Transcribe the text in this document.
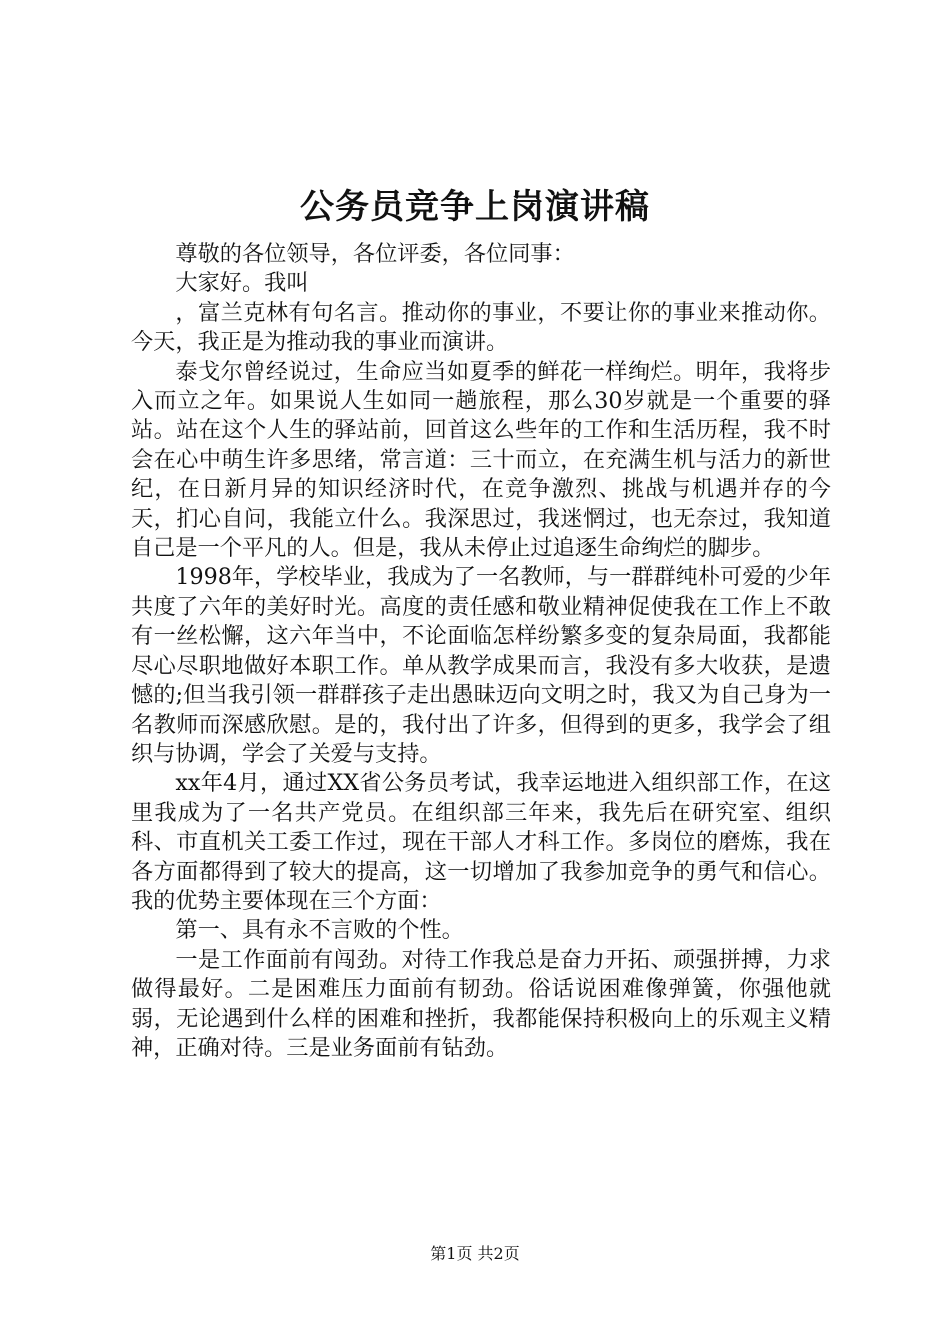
公务员竞争上岗演讲稿

尊敬的各位领导，各位评委，各位同事：

大家好。我叫

，富兰克林有句名言。推动你的事业，不要让你的事业来推动你。今天，我正是为推动我的事业而演讲。

泰戈尔曾经说过，生命应当如夏季的鲜花一样绚烂。明年，我将步入而立之年。如果说人生如同一趟旅程，那么30岁就是一个重要的驿站。站在这个人生的驿站前，回首这么些年的工作和生活历程，我不时会在心中萌生许多思绪，常言道：三十而立，在充满生机与活力的新世纪，在日新月异的知识经济时代，在竞争激烈、挑战与机遇并存的今天，扪心自问，我能立什么。我深思过，我迷惘过，也无奈过，我知道自己是一个平凡的人。但是，我从未停止过追逐生命绚烂的脚步。

1998年，学校毕业，我成为了一名教师，与一群群纯朴可爱的少年共度了六年的美好时光。高度的责任感和敬业精神促使我在工作上不敢有一丝松懈，这六年当中，不论面临怎样纷繁多变的复杂局面，我都能尽心尽职地做好本职工作。单从教学成果而言，我没有多大收获，是遗憾的;但当我引领一群群孩子走出愚昧迈向文明之时，我又为自己身为一名教师而深感欣慰。是的，我付出了许多，但得到的更多，我学会了组织与协调，学会了关爱与支持。

xx年4月，通过XX省公务员考试，我幸运地进入组织部工作，在这里我成为了一名共产党员。在组织部三年来，我先后在研究室、组织科、市直机关工委工作过，现在干部人才科工作。多岗位的磨炼，我在各方面都得到了较大的提高，这一切增加了我参加竞争的勇气和信心。我的优势主要体现在三个方面：

第一、具有永不言败的个性。

一是工作面前有闯劲。对待工作我总是奋力开拓、顽强拼搏，力求做得最好。二是困难压力面前有韧劲。俗话说困难像弹簧，你强他就弱，无论遇到什么样的困难和挫折，我都能保持积极向上的乐观主义精神，正确对待。三是业务面前有钻劲。

第1页 共2页
